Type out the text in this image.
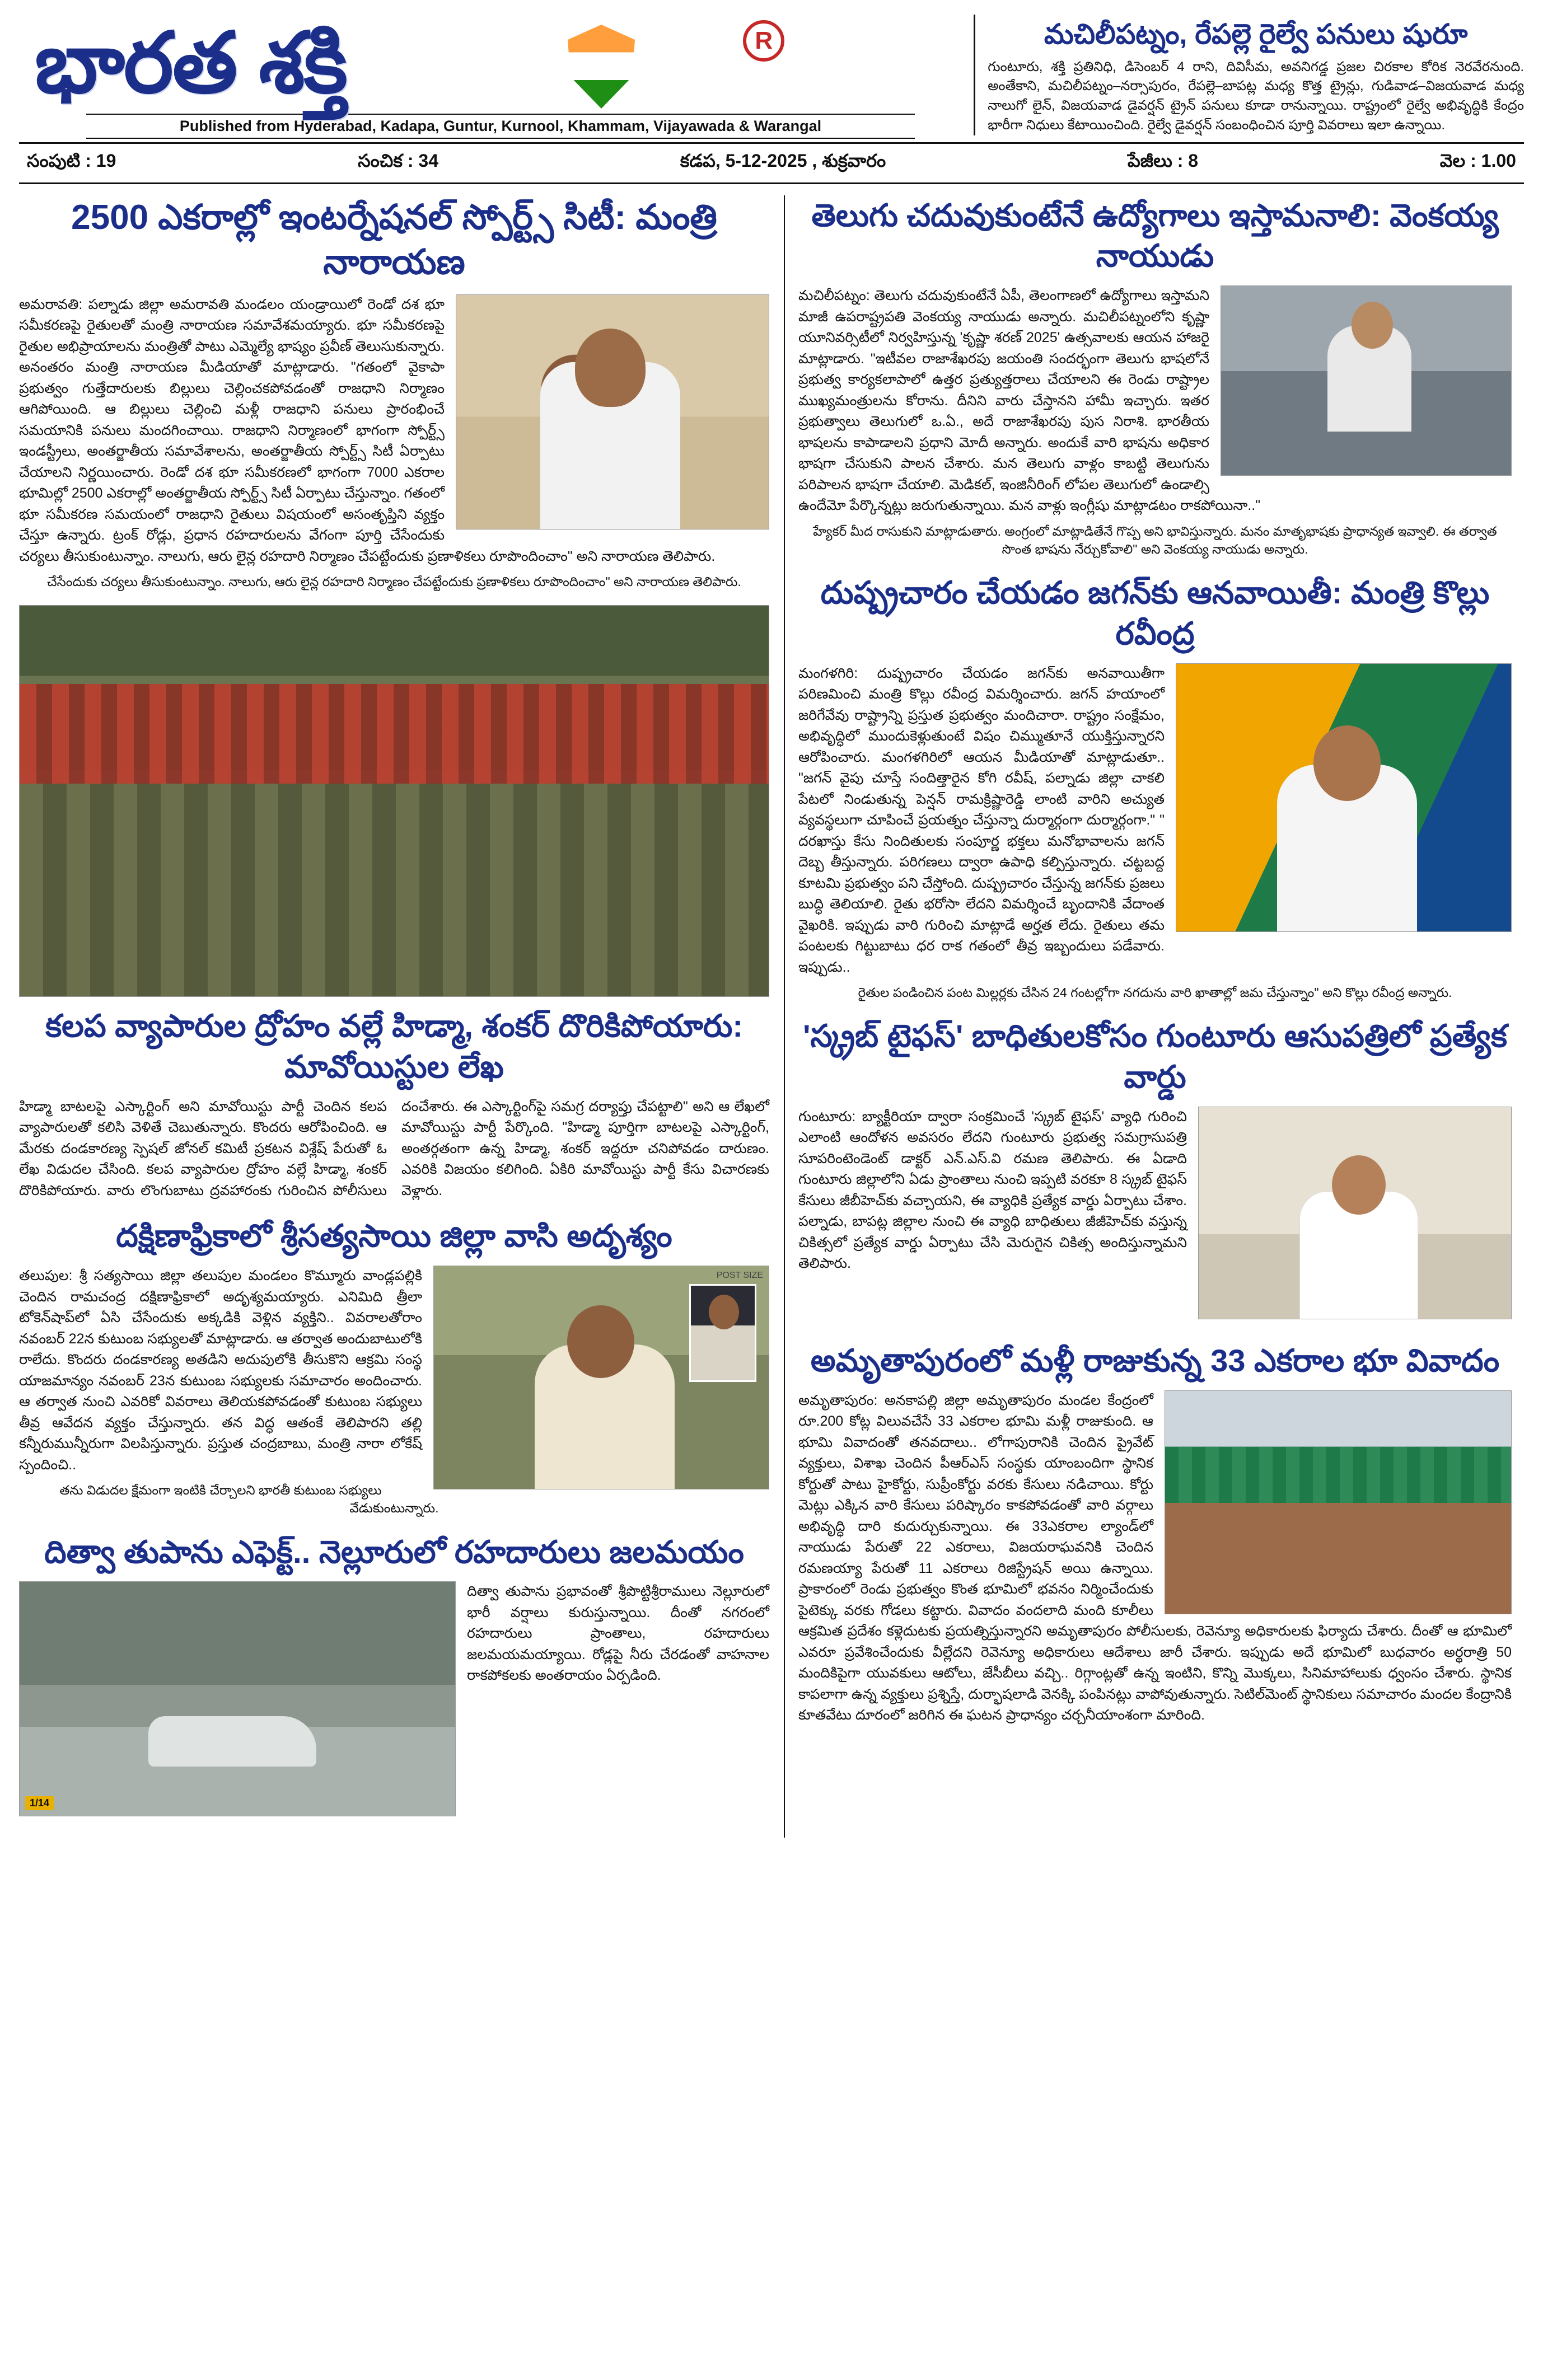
భారత శక్తి	R
Published from Hyderabad, Kadapa, Guntur, Kurnool, Khammam, Vijayawada & Warangal
మచిలీపట్నం, రేపల్లె రైల్వే పనులు షురూ

గుంటూరు, శక్తి ప్రతినిధి, డిసెంబర్ 4 రాని, దివిసీమ, అవనిగడ్డ ప్రజల చిరకాల కోరిక నెరవేరనుంది. అంతేకాని, మచిలీపట్నం–నర్సాపురం, రేపల్లె–బాపట్ల మధ్య కొత్త ట్రైన్లు, గుడివాడ–విజయవాడ మధ్య నాలుగో లైన్, విజయవాడ డైవర్షన్ ట్రైన్ పనులు కూడా రానున్నాయి. రాష్ట్రంలో రైల్వే అభివృద్ధికి కేంద్రం భారీగా నిధులు కేటాయించింది. రైల్వే డైవర్షన్ సంబంధించిన పూర్తి వివరాలు ఇలా ఉన్నాయి.

సంపుటి : 19	సంచిక : 34	కడప, 5-12-2025 , శుక్రవారం	పేజీలు : 8	వెల : 1.00
2500 ఎకరాల్లో ఇంటర్నేషనల్ స్పోర్ట్స్ సిటీ: మంత్రి నారాయణ

అమరావతి: పల్నాడు జిల్లా అమరావతి మండలం యండ్రాయిలో రెండో దశ భూ సమీకరణపై రైతులతో మంత్రి నారాయణ సమావేశమయ్యారు. భూ సమీకరణపై రైతుల అభిప్రాయాలను మంత్రితో పాటు ఎమ్మెల్యే భాష్యం ప్రవీణ్ తెలుసుకున్నారు. అనంతరం మంత్రి నారాయణ మీడియాతో మాట్లాడారు. "గతంలో వైకాపా ప్రభుత్వం గుత్తేదారులకు బిల్లులు చెల్లించకపోవడంతో రాజధాని నిర్మాణం ఆగిపోయింది. ఆ బిల్లులు చెల్లించి మళ్లీ రాజధాని పనులు ప్రారంభించే సమయానికి పనులు మందగించాయి. రాజధాని నిర్మాణంలో భాగంగా స్పోర్ట్స్ ఇండస్ట్రీలు, అంతర్జాతీయ సమావేశాలను, అంతర్జాతీయ స్పోర్ట్స్ సిటీ ఏర్పాటు చేయాలని నిర్ణయించారు. రెండో దశ భూ సమీకరణలో భాగంగా 7000 ఎకరాల భూమిల్లో 2500 ఎకరాల్లో అంతర్జాతీయ స్పోర్ట్స్ సిటీ ఏర్పాటు చేస్తున్నాం. గతంలో భూ సమీకరణ సమయంలో రాజధాని రైతులు విషయంలో అసంతృప్తిని వ్యక్తం చేస్తూ ఉన్నారు. ట్రంక్ రోడ్లు, ప్రధాన రహదారులను వేగంగా పూర్తి చేసేందుకు చర్యలు తీసుకుంటున్నాం. నాలుగు, ఆరు లైన్ల రహదారి నిర్మాణం చేపట్టేందుకు ప్రణాళికలు రూపొందించాం" అని నారాయణ తెలిపారు.

చేసేందుకు చర్యలు తీసుకుంటున్నాం. నాలుగు, ఆరు లైన్ల రహదారి నిర్మాణం చేపట్టేందుకు ప్రణాళికలు రూపొందించాం" అని నారాయణ తెలిపారు.
కలప వ్యాపారుల ద్రోహం వల్లే హిడ్మా, శంకర్ దొరికిపోయారు: మావోయిస్టుల లేఖ

హిడ్మా బాటలపై ఎస్కార్టింగ్ అని మావోయిస్టు పార్టీ చెందిన కలప వ్యాపారులతో కలిసి వెళితే చెబుతున్నారు. కొందరు ఆరోపించింది. ఆ మేరకు దండకారణ్య స్పెషల్ జోనల్ కమిటీ ప్రకటన విశ్లేష్ పేరుతో ఓ లేఖ విడుదల చేసింది. కలప వ్యాపారుల ద్రోహం వల్లే హిడ్మా, శంకర్ దొరికిపోయారు. వారు లొంగుబాటు ద్రవహారంకు గురించిన పోలీసులు దంచేశారు. ఈ ఎస్కార్టింగ్‌పై సమగ్ర దర్యాప్తు చేపట్టాలి" అని ఆ లేఖలో మావోయిస్టు పార్టీ పేర్కొంది. "హిడ్మా పూర్తిగా బాటలపై ఎస్కార్టింగ్, అంతర్గతంగా ఉన్న హిడ్మా, శంకర్ ఇద్దరూ చనిపోవడం దారుణం. ఎవరికి విజయం కలిగింది. ఏకిరి మావోయిస్టు పార్టీ కేసు విచారణకు వెళ్లారు.

దక్షిణాఫ్రికాలో శ్రీసత్యసాయి జిల్లా వాసి అదృశ్యం
POST SIZE

తలుపుల: శ్రీ సత్యసాయి జిల్లా తలుపుల మండలం కొమ్మూరు వాండ్లపల్లికి చెందిన రామచంద్ర దక్షిణాఫ్రికాలో అదృశ్యమయ్యారు. ఎనిమిది త్రీలా టోకెన్‌షాప్‌లో ఏసి చేసేందుకు అక్కడికి వెళ్లిన వ్యక్తిని.. వివరాలతోరాం నవంబర్ 22న కుటుంబ సభ్యులతో మాట్లాడారు. ఆ తర్వాత అందుబాటులోకి రాలేదు. కొందరు దండకారణ్య అతడిని అదుపులోకి తీసుకొని ఆక్రమి సంస్థ యాజమాన్యం నవంబర్ 23న కుటుంబ సభ్యులకు సమాచారం అందించారు. ఆ తర్వాత నుంచి ఎవరికో వివరాలు తెలియకపోవడంతో కుటుంబ సభ్యులు తీవ్ర ఆవేదన వ్యక్తం చేస్తున్నారు. తన విద్ధ ఆతంకే తెలిపారని తల్లి కన్నీరుమున్నీరుగా విలపిస్తున్నారు. ప్రస్తుత చంద్రబాబు, మంత్రి నారా లోకేష్ స్పందించి..

తను విడుదల క్షేమంగా ఇంటికి చేర్చాలని భారతీ కుటుంబ సభ్యులు వేడుకుంటున్నారు.
దిత్వా తుపాను ఎఫెక్ట్.. నెల్లూరులో రహదారులు జలమయం
1/14

దిత్వా తుపాను ప్రభావంతో శ్రీపొట్టిశ్రీరాములు నెల్లూరులో భారీ వర్షాలు కురుస్తున్నాయి. దీంతో నగరంలో రహదారులు ప్రాంతాలు, రహదారులు జలమయమయ్యాయి. రోడ్లపై నీరు చేరడంతో వాహనాల రాకపోకలకు అంతరాయం ఏర్పడింది.

తెలుగు చదువుకుంటేనే ఉద్యోగాలు ఇస్తామనాలి: వెంకయ్య నాయుడు

మచిలీపట్నం: తెలుగు చదువుకుంటేనే ఏపీ, తెలంగాణలో ఉద్యోగాలు ఇస్తామని మాజీ ఉపరాష్ట్రపతి వెంకయ్య నాయుడు అన్నారు. మచిలీపట్నంలోని కృష్ణా యూనివర్సిటీలో నిర్వహిస్తున్న 'కృష్ణా శరణ్ 2025' ఉత్సవాలకు ఆయన హాజరై మాట్లాడారు. "ఇటీవల రాజాశేఖరపు జయంతి సందర్భంగా తెలుగు భాషలోనే ప్రభుత్వ కార్యకలాపాలో ఉత్తర ప్రత్యుత్తరాలు చేయాలని ఈ రెండు రాష్ట్రాల ముఖ్యమంత్రులను కోరాను. దీనిని వారు చేస్తానని హామీ ఇచ్చారు. ఇతర ప్రభుత్వాలు తెలుగులో ఒ.ఏ., అదే రాజాశేఖరపు పుస నిరాశి. భారతీయ భాషలను కాపాడాలని ప్రధాని మోదీ అన్నారు. అందుకే వారి భాషను అధికార భాషగా చేసుకుని పాలన చేశారు. మన తెలుగు వాళ్లం కాబట్టి తెలుగును పరిపాలన భాషగా చేయాలి. మెడికల్, ఇంజినీరింగ్ లోపల తెలుగులో ఉండాల్సి ఉందేమో పేర్కొన్నట్లు జరుగుతున్నాయి. మన వాళ్లు ఇంగ్లీషు మాట్లాడటం రాకపోయినా.."

హ్యేకర్ మీద రాసుకుని మాట్లాడుతారు. అంగ్రంలో మాట్లాడితేనే గొప్ప అని భావిస్తున్నారు. మనం మాతృభాషకు ప్రాధాన్యత ఇవ్వాలి. ఈ తర్వాత సొంత భాషను నేర్చుకోవాలి" అని వెంకయ్య నాయుడు అన్నారు.
దుష్ప్రచారం చేయడం జగన్‌కు ఆనవాయితీ: మంత్రి కొల్లు రవీంద్ర

మంగళగిరి: దుష్ప్రచారం చేయడం జగన్‌కు అనవాయితీగా పరిణమించి మంత్రి కొల్లు రవీంద్ర విమర్శించారు. జగన్ హయాంలో జరిగేవేవు రాష్ట్రాన్ని ప్రస్తుత ప్రభుత్వం మందిచారా. రాష్ట్రం సంక్షేమం, అభివృద్ధిలో ముందుకెళ్లుతుంటే విషం చిమ్ముతూనే యుక్తిస్తున్నారని ఆరోపించారు. మంగళగిరిలో ఆయన మీడియాతో మాట్లాడుతూ.. "జగన్ వైపు చూస్తే సందిత్తారైన కోగి రవీష్, పల్నాడు జిల్లా చాకలి పేటలో నిండుతున్న పెన్షన్ రామక్రిష్ణారెడ్డి లాంటి వారిని అచ్యుత వ్యవస్థలుగా చూపించే ప్రయత్నం చేస్తున్నా దుర్మార్గంగా దుర్మార్గంగా." " దరఖాస్తు కేసు నిందితులకు సంపూర్ణ భక్తలు మనోభావాలను జగన్ దెబ్బ తీస్తున్నారు. పరిగణలు ద్వారా ఉపాధి కల్పిస్తున్నారు. చట్టబద్ద కూటమి ప్రభుత్వం పని చేస్తోంది. దుష్ప్రచారం చేస్తున్న జగన్‌కు ప్రజలు బుద్ధి తెలియాలి. రైతు భరోసా లేదని విమర్శించే బృందానికి వేదాంత వైఖరికి. ఇప్పుడు వారి గురించి మాట్లాడే అర్హత లేదు. రైతులు తమ పంటలకు గిట్టుబాటు ధర రాక గతంలో తీవ్ర ఇబ్బందులు పడేవారు. ఇప్పుడు..

రైతుల పండించిన పంట మిల్లర్లకు చేసిన 24 గంటల్లోగా నగదును వారి ఖాతాల్లో జమ చేస్తున్నాం" అని కొల్లు రవీంద్ర అన్నారు.
'స్క్రబ్ టైఫస్' బాధితులకోసం గుంటూరు ఆసుపత్రిలో ప్రత్యేక వార్డు

గుంటూరు: బ్యాక్టీరియా ద్వారా సంక్రమించే 'స్క్రబ్ టైఫస్' వ్యాధి గురించి ఎలాంటి ఆందోళన అవసరం లేదని గుంటూరు ప్రభుత్వ సమగ్రాసుపత్రి సూపరింటెండెంట్ డాక్టర్ ఎన్.ఎస్.వి రమణ తెలిపారు. ఈ ఏడాది గుంటూరు జిల్లాలోని ఏడు ప్రాంతాలు నుంచి ఇప్పటి వరకూ 8 స్క్రబ్ టైఫస్ కేసులు జీబీహెచ్‌కు వచ్చాయని, ఈ వ్యాధికి ప్రత్యేక వార్డు ఏర్పాటు చేశాం. పల్నాడు, బాపట్ల జిల్లాల నుంచి ఈ వ్యాధి బాధితులు జీజీహెచ్‌కు వస్తున్న చికిత్సలో ప్రత్యేక వార్డు ఏర్పాటు చేసి మెరుగైన చికిత్స అందిస్తున్నామని తెలిపారు.

అమృతాపురంలో మళ్లీ రాజుకున్న 33 ఎకరాల భూ వివాదం

అమృతాపురం: అనకాపల్లి జిల్లా అమృతాపురం మండల కేంద్రంలో రూ.200 కోట్ల విలువచేసే 33 ఎకరాల భూమి మళ్లీ రాజుకుంది. ఆ భూమి వివాదంతో తనవదాలు.. లోగాపురానికి చెందిన ప్రైవేట్ వ్యక్తులు, విశాఖ చెందిన పీఆర్ఎస్ సంస్థకు యాంబందిగా స్థానిక కోర్టుతో పాటు హైకోర్టు, సుప్రీంకోర్టు వరకు కేసులు నడిచాయి. కోర్టు మెట్లు ఎక్కిన వారి కేసులు పరిష్కారం కాకపోవడంతో వారి వర్గాలు అభివృద్ధి దారి కుదుర్చుకున్నాయి. ఈ 33ఎకరాల ల్యాండ్‌లో నాయుడు పేరుతో 22 ఎకరాలు, విజయరాఘవనికి చెందిన రమణయ్యా పేరుతో 11 ఎకరాలు రిజిస్ట్రేషన్ అయి ఉన్నాయి. ప్రాకారంలో రెండు ప్రభుత్వం కొంత భూమిలో భవనం నిర్మించేందుకు పైటెక్కు వరకు గోడలు కట్టారు. వివాదం వందలాది మంది కూలీలు ఆక్రమిత ప్రదేశం కళ్లెదుటకు ప్రయత్నిస్తున్నారని అమృతాపురం పోలీసులకు, రెవెన్యూ అధికారులకు ఫిర్యాదు చేశారు. దీంతో ఆ భూమిలో ఎవరూ ప్రవేశించేందుకు వీల్లేదని రెవెన్యూ అధికారులు ఆదేశాలు జారీ చేశారు. ఇప్పుడు అదే భూమిలో బుధవారం అర్థరాత్రి 50 మందికిపైగా యువకులు ఆటోలు, జేసీబీలు వచ్చి.. రిగ్గాంట్లతో ఉన్న ఇంటిని, కొన్ని మొక్కలు, సినిమాహాలుకు ధ్వంసం చేశారు. స్థానిక కాపలాగా ఉన్న వ్యక్తులు ప్రశ్నిస్తే, దుర్భాషలాడి వెనక్కి పంపినట్లు వాపోవుతున్నారు. సెటిల్‌మెంట్ స్థానికులు సమాచారం మందల కేంద్రానికి కూతవేటు దూరంలో జరిగిన ఈ ఘటన ప్రాధాన్యం చర్చనీయాంశంగా మారింది.
